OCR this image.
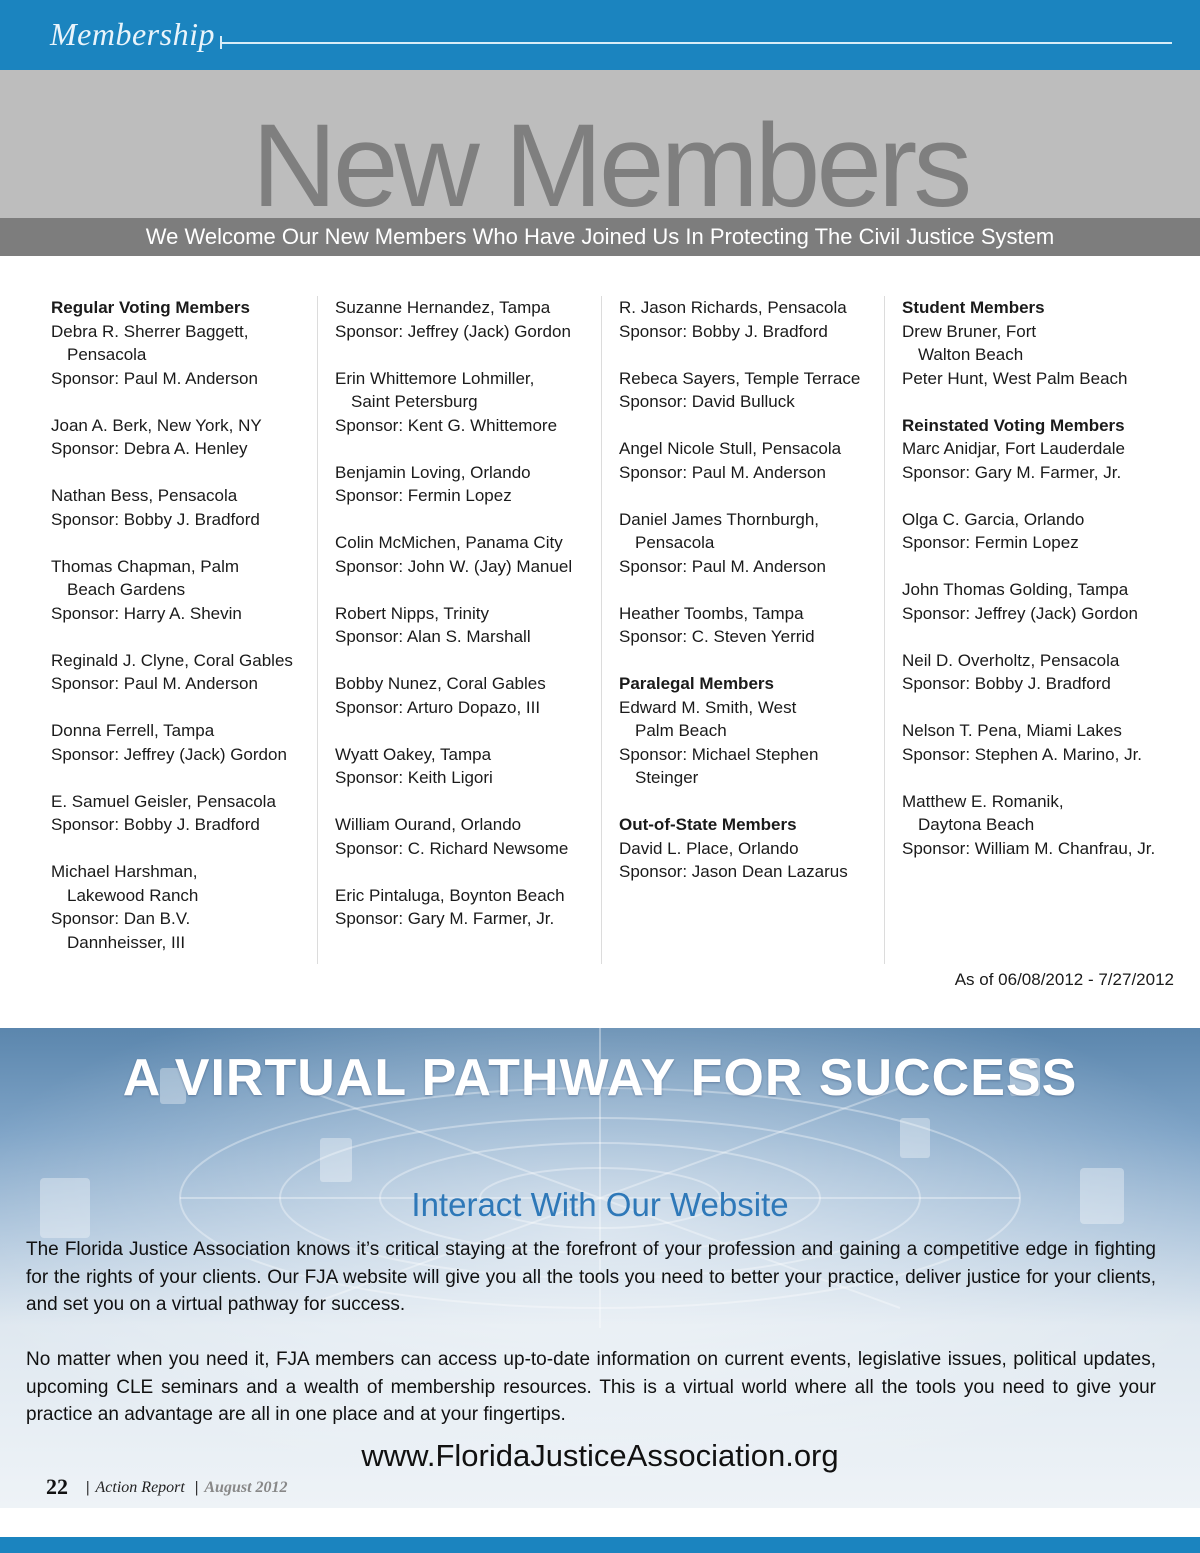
Membership
We Welcome Our New Members Who Have Joined Us In Protecting The Civil Justice System
New Members
Regular Voting Members
Debra R. Sherrer Baggett,
Pensacola
Sponsor: Paul M. Anderson
Joan A. Berk, New York, NY
Sponsor: Debra A. Henley
Nathan Bess, Pensacola
Sponsor: Bobby J. Bradford
Thomas Chapman, Palm
Beach Gardens
Sponsor: Harry A. Shevin
Reginald J. Clyne, Coral Gables
Sponsor: Paul M. Anderson
Donna Ferrell, Tampa
Sponsor: Jeffrey (Jack) Gordon
E. Samuel Geisler, Pensacola
Sponsor: Bobby J. Bradford
Michael Harshman,
Lakewood Ranch
Sponsor: Dan B.V.
Dannheisser, III
Suzanne Hernandez, Tampa
Sponsor: Jeffrey (Jack) Gordon
Erin Whittemore Lohmiller,
Saint Petersburg
Sponsor: Kent G. Whittemore
Benjamin Loving, Orlando
Sponsor: Fermin Lopez
Colin McMichen, Panama City
Sponsor: John W. (Jay) Manuel
Robert Nipps, Trinity
Sponsor: Alan S. Marshall
Bobby Nunez, Coral Gables
Sponsor: Arturo Dopazo, III
Wyatt Oakey, Tampa
Sponsor: Keith Ligori
William Ourand, Orlando
Sponsor: C. Richard Newsome
Eric Pintaluga, Boynton Beach
Sponsor: Gary M. Farmer, Jr.
R. Jason Richards, Pensacola
Sponsor: Bobby J. Bradford
Rebeca Sayers, Temple Terrace
Sponsor: David Bulluck
Angel Nicole Stull, Pensacola
Sponsor: Paul M. Anderson
Daniel James Thornburgh,
Pensacola
Sponsor: Paul M. Anderson
Heather Toombs, Tampa
Sponsor: C. Steven Yerrid
Paralegal Members
Edward M. Smith, West
Palm Beach
Sponsor: Michael Stephen
Steinger
Out-of-State Members
David L. Place, Orlando
Sponsor: Jason Dean Lazarus
Student Members
Drew Bruner, Fort
Walton Beach
Peter Hunt, West Palm Beach
Reinstated Voting Members
Marc Anidjar, Fort Lauderdale
Sponsor: Gary M. Farmer, Jr.
Olga C. Garcia, Orlando
Sponsor: Fermin Lopez
John Thomas Golding, Tampa
Sponsor: Jeffrey (Jack) Gordon
Neil D. Overholtz, Pensacola
Sponsor: Bobby J. Bradford
Nelson T. Pena, Miami Lakes
Sponsor: Stephen A. Marino, Jr.
Matthew E. Romanik,
Daytona Beach
Sponsor: William M. Chanfrau, Jr.
As of 06/08/2012 - 7/27/2012
A VIRTUAL PATHWAY FOR SUCCESS
Interact With Our Website

The Florida Justice Association knows it’s critical staying at the forefront of your profession and gaining a competitive edge in fighting for the rights of your clients. Our FJA website will give you all the tools you need to better your practice, deliver justice for your clients, and set you on a virtual pathway for success.

No matter when you need it, FJA members can access up-to-date information on current events, legislative issues, political updates, upcoming CLE seminars and a wealth of membership resources. This is a virtual world where all the tools you need to give your practice an advantage are all in one place and at your fingertips.

www.FloridaJusticeAssociation.org
22 | Action Report | August 2012
